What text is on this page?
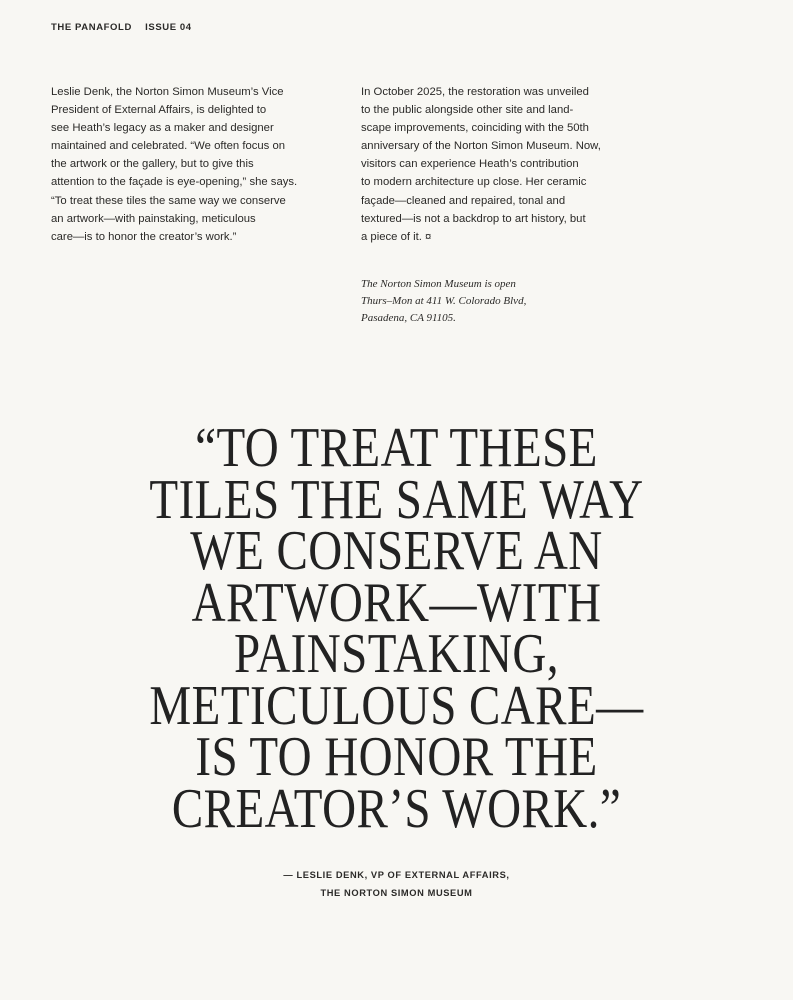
THE PANAFOLD ISSUE 04
Leslie Denk, the Norton Simon Museum’s Vice
President of External Affairs, is delighted to
see Heath’s legacy as a maker and designer
maintained and celebrated. “We often focus on
the artwork or the gallery, but to give this
attention to the façade is eye-opening,” she says.
“To treat these tiles the same way we conserve
an artwork—with painstaking, meticulous
care—is to honor the creator’s work.”
In October 2025, the restoration was unveiled
to the public alongside other site and land-
scape improvements, coinciding with the 50th
anniversary of the Norton Simon Museum. Now,
visitors can experience Heath’s contribution
to modern architecture up close. Her ceramic
façade—cleaned and repaired, tonal and
textured—is not a backdrop to art history, but
a piece of it. ¤
The Norton Simon Museum is open
Thurs–Mon at 411 W. Colorado Blvd,
Pasadena, CA 91105.
“TO TREAT THESE
TILES THE SAME WAY
WE CONSERVE AN
ARTWORK—WITH
PAINSTAKING,
METICULOUS CARE—
IS TO HONOR THE
CREATOR’S WORK.”
— LESLIE DENK, VP OF EXTERNAL AFFAIRS,
THE NORTON SIMON MUSEUM
